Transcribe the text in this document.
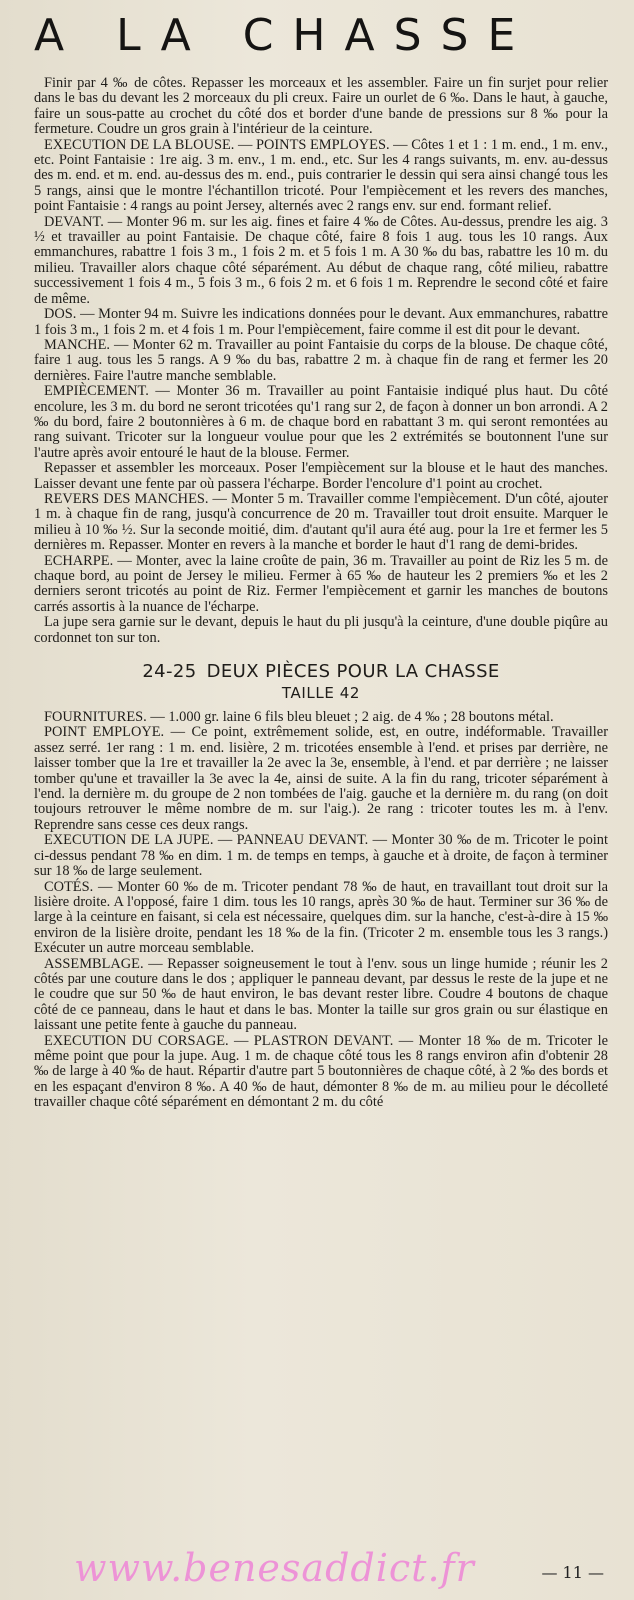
A LA CHASSE

Finir par 4 ‰ de côtes. Repasser les morceaux et les assembler. Faire un fin surjet pour relier dans le bas du devant les 2 morceaux du pli creux. Faire un ourlet de 6 ‰. Dans le haut, à gauche, faire un sous-patte au crochet du côté dos et border d'une bande de pressions sur 8 ‰ pour la fermeture. Coudre un gros grain à l'intérieur de la ceinture.

EXECUTION DE LA BLOUSE. — POINTS EMPLOYES. — Côtes 1 et 1 : 1 m. end., 1 m. env., etc. Point Fantaisie : 1re aig. 3 m. env., 1 m. end., etc. Sur les 4 rangs suivants, m. env. au-dessus des m. end. et m. end. au-dessus des m. end., puis contrarier le dessin qui sera ainsi changé tous les 5 rangs, ainsi que le montre l'échantillon tricoté. Pour l'empiècement et les revers des manches, point Fantaisie : 4 rangs au point Jersey, alternés avec 2 rangs env. sur end. formant relief.

DEVANT. — Monter 96 m. sur les aig. fines et faire 4 ‰ de Côtes. Au-dessus, prendre les aig. 3 ½ et travailler au point Fantaisie. De chaque côté, faire 8 fois 1 aug. tous les 10 rangs. Aux emmanchures, rabattre 1 fois 3 m., 1 fois 2 m. et 5 fois 1 m. A 30 ‰ du bas, rabattre les 10 m. du milieu. Travailler alors chaque côté séparément. Au début de chaque rang, côté milieu, rabattre successivement 1 fois 4 m., 5 fois 3 m., 6 fois 2 m. et 6 fois 1 m. Reprendre le second côté et faire de même.

DOS. — Monter 94 m. Suivre les indications données pour le devant. Aux emmanchures, rabattre 1 fois 3 m., 1 fois 2 m. et 4 fois 1 m. Pour l'empiècement, faire comme il est dit pour le devant.

MANCHE. — Monter 62 m. Travailler au point Fantaisie du corps de la blouse. De chaque côté, faire 1 aug. tous les 5 rangs. A 9 ‰ du bas, rabattre 2 m. à chaque fin de rang et fermer les 20 dernières. Faire l'autre manche semblable.

EMPIÈCEMENT. — Monter 36 m. Travailler au point Fantaisie indiqué plus haut. Du côté encolure, les 3 m. du bord ne seront tricotées qu'1 rang sur 2, de façon à donner un bon arrondi. A 2 ‰ du bord, faire 2 boutonnières à 6 m. de chaque bord en rabattant 3 m. qui seront remontées au rang suivant. Tricoter sur la longueur voulue pour que les 2 extrémités se boutonnent l'une sur l'autre après avoir entouré le haut de la blouse. Fermer.

Repasser et assembler les morceaux. Poser l'empiècement sur la blouse et le haut des manches. Laisser devant une fente par où passera l'écharpe. Border l'encolure d'1 point au crochet.

REVERS DES MANCHES. — Monter 5 m. Travailler comme l'empiècement. D'un côté, ajouter 1 m. à chaque fin de rang, jusqu'à concurrence de 20 m. Travailler tout droit ensuite. Marquer le milieu à 10 ‰ ½. Sur la seconde moitié, dim. d'autant qu'il aura été aug. pour la 1re et fermer les 5 dernières m. Repasser. Monter en revers à la manche et border le haut d'1 rang de demi-brides.

ECHARPE. — Monter, avec la laine croûte de pain, 36 m. Travailler au point de Riz les 5 m. de chaque bord, au point de Jersey le milieu. Fermer à 65 ‰ de hauteur les 2 premiers ‰ et les 2 derniers seront tricotés au point de Riz. Fermer l'empiècement et garnir les manches de boutons carrés assortis à la nuance de l'écharpe.

La jupe sera garnie sur le devant, depuis le haut du pli jusqu'à la ceinture, d'une double piqûre au cordonnet ton sur ton.

24-25 DEUX PIÈCES POUR LA CHASSE
TAILLE 42

FOURNITURES. — 1.000 gr. laine 6 fils bleu bleuet ; 2 aig. de 4 ‰ ; 28 boutons métal.

POINT EMPLOYE. — Ce point, extrêmement solide, est, en outre, indéformable. Travailler assez serré. 1er rang : 1 m. end. lisière, 2 m. tricotées ensemble à l'end. et prises par derrière, ne laisser tomber que la 1re et travailler la 2e avec la 3e, ensemble, à l'end. et par derrière ; ne laisser tomber qu'une et travailler la 3e avec la 4e, ainsi de suite. A la fin du rang, tricoter séparément à l'end. la dernière m. du groupe de 2 non tombées de l'aig. gauche et la dernière m. du rang (on doit toujours retrouver le même nombre de m. sur l'aig.). 2e rang : tricoter toutes les m. à l'env. Reprendre sans cesse ces deux rangs.

EXECUTION DE LA JUPE. — PANNEAU DEVANT. — Monter 30 ‰ de m. Tricoter le point ci-dessus pendant 78 ‰ en dim. 1 m. de temps en temps, à gauche et à droite, de façon à terminer sur 18 ‰ de large seulement.

COTÉS. — Monter 60 ‰ de m. Tricoter pendant 78 ‰ de haut, en travaillant tout droit sur la lisière droite. A l'opposé, faire 1 dim. tous les 10 rangs, après 30 ‰ de haut. Terminer sur 36 ‰ de large à la ceinture en faisant, si cela est nécessaire, quelques dim. sur la hanche, c'est-à-dire à 15 ‰ environ de la lisière droite, pendant les 18 ‰ de la fin. (Tricoter 2 m. ensemble tous les 3 rangs.) Exécuter un autre morceau semblable.

ASSEMBLAGE. — Repasser soigneusement le tout à l'env. sous un linge humide ; réunir les 2 côtés par une couture dans le dos ; appliquer le panneau devant, par dessus le reste de la jupe et ne le coudre que sur 50 ‰ de haut environ, le bas devant rester libre. Coudre 4 boutons de chaque côté de ce panneau, dans le haut et dans le bas. Monter la taille sur gros grain ou sur élastique en laissant une petite fente à gauche du panneau.

EXECUTION DU CORSAGE. — PLASTRON DEVANT. — Monter 18 ‰ de m. Tricoter le même point que pour la jupe. Aug. 1 m. de chaque côté tous les 8 rangs environ afin d'obtenir 28 ‰ de large à 40 ‰ de haut. Répartir d'autre part 5 boutonnières de chaque côté, à 2 ‰ des bords et en les espaçant d'environ 8 ‰. A 40 ‰ de haut, démonter 8 ‰ de m. au milieu pour le décolleté travailler chaque côté séparément en démontant 2 m. du côté

www.benesaddict.fr	— 11 —
